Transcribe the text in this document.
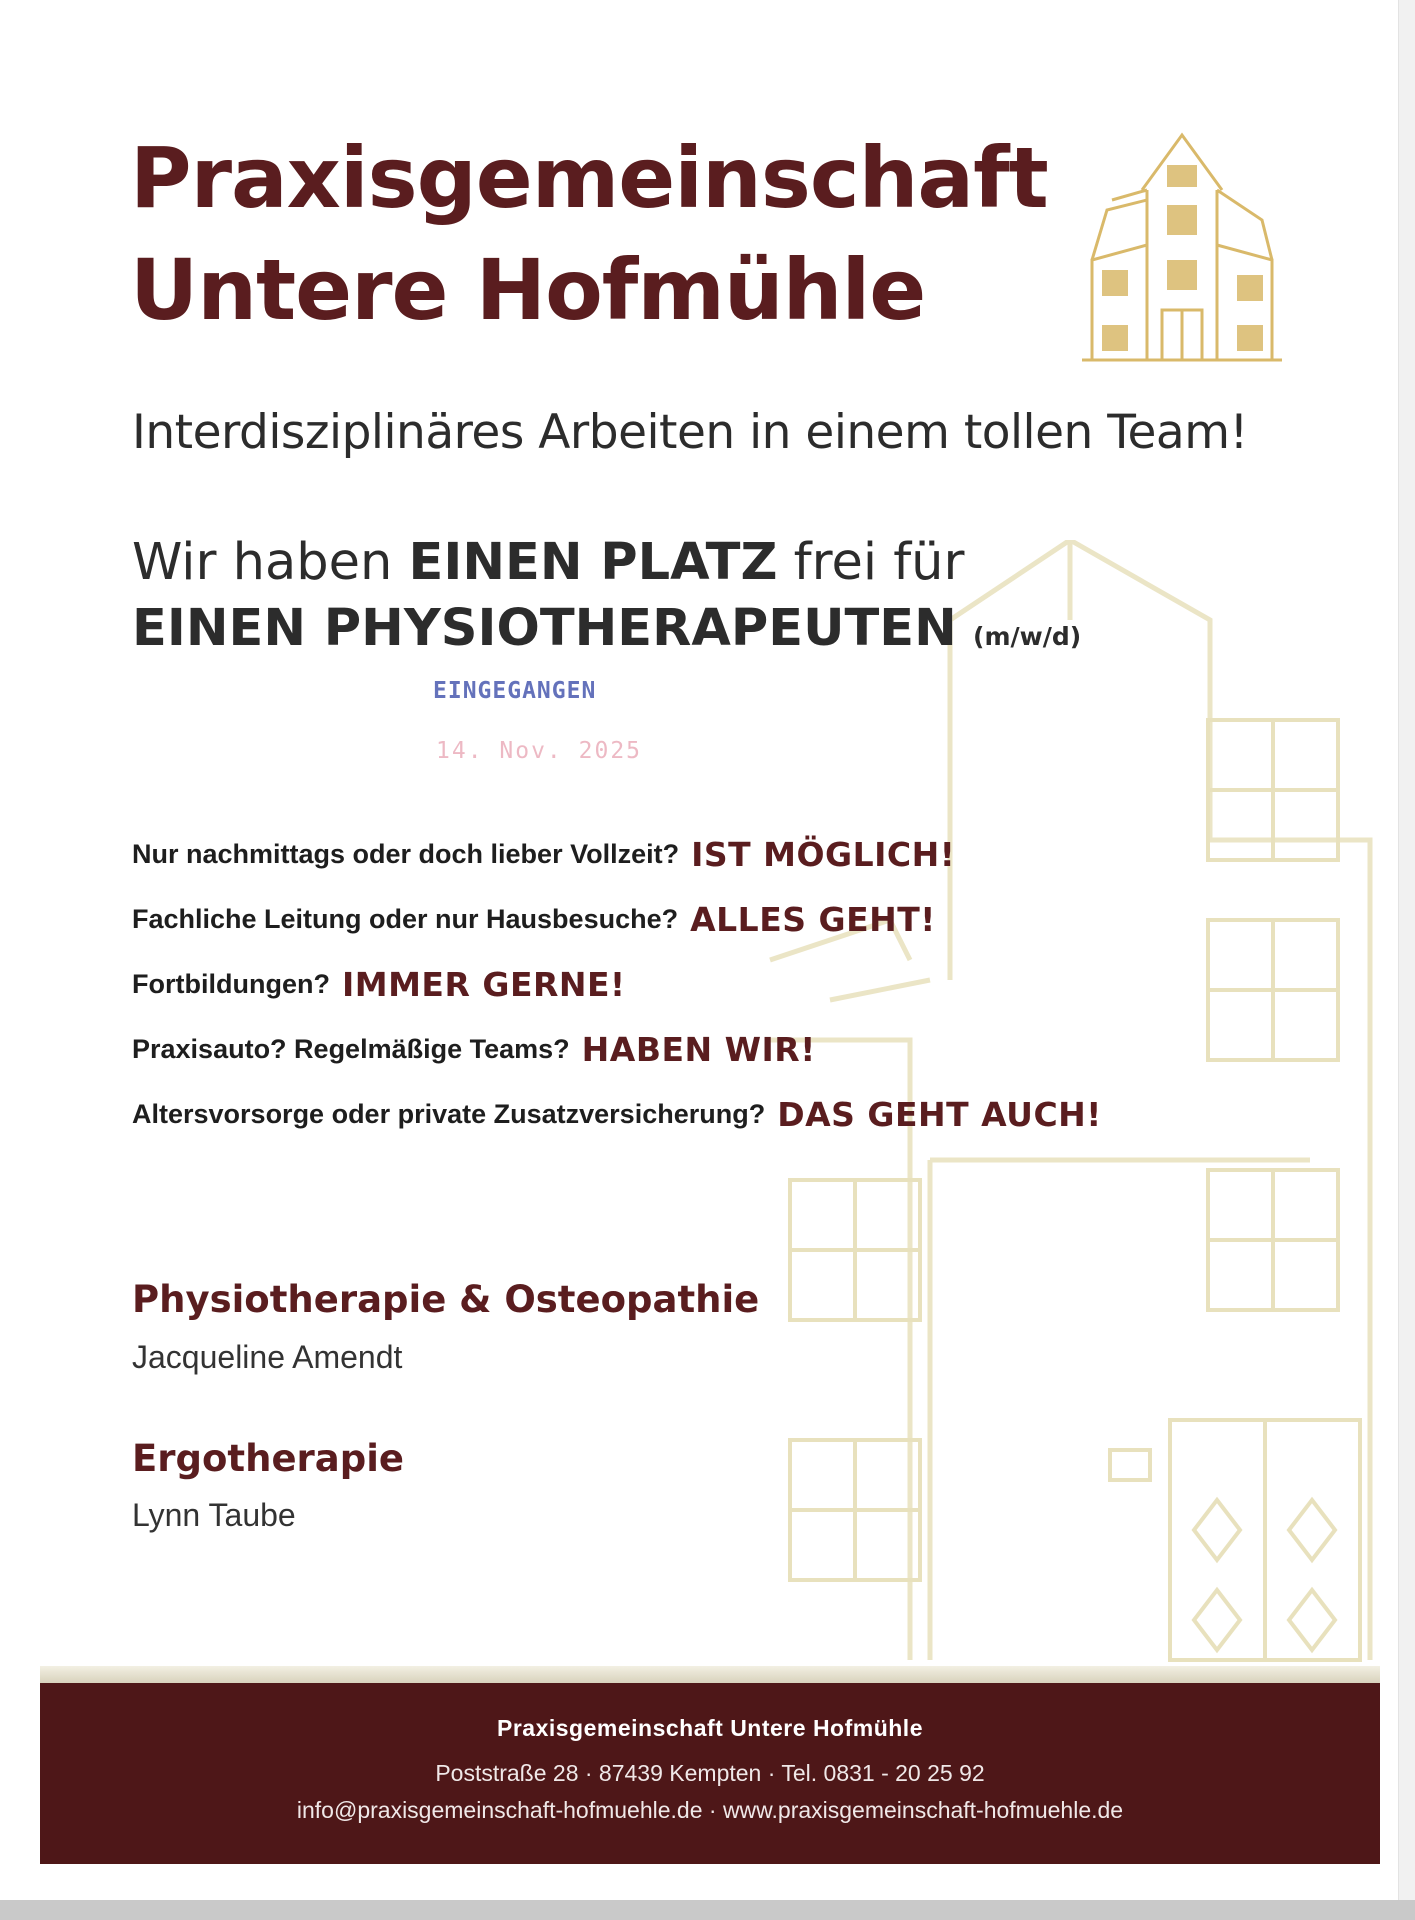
Praxisgemeinschaft
Untere Hofmühle
Interdisziplinäres Arbeiten in einem tollen Team!
Wir haben EINEN PLATZ frei für
EINEN PHYSIOTHERAPEUTEN (m/w/d)
EINGEGANGEN
14. Nov. 2025
Nur nachmittags oder doch lieber Vollzeit? IST MÖGLICH!
Fachliche Leitung oder nur Hausbesuche? ALLES GEHT!
Fortbildungen? IMMER GERNE!
Praxisauto? Regelmäßige Teams? HABEN WIR!
Altersvorsorge oder private Zusatzversicherung? DAS GEHT AUCH!
Physiotherapie & Osteopathie
Jacqueline Amendt
Ergotherapie
Lynn Taube
Praxisgemeinschaft Untere Hofmühle
Poststraße 28 · 87439 Kempten · Tel. 0831 - 20 25 92
info@praxisgemeinschaft-hofmuehle.de · www.praxisgemeinschaft-hofmuehle.de
